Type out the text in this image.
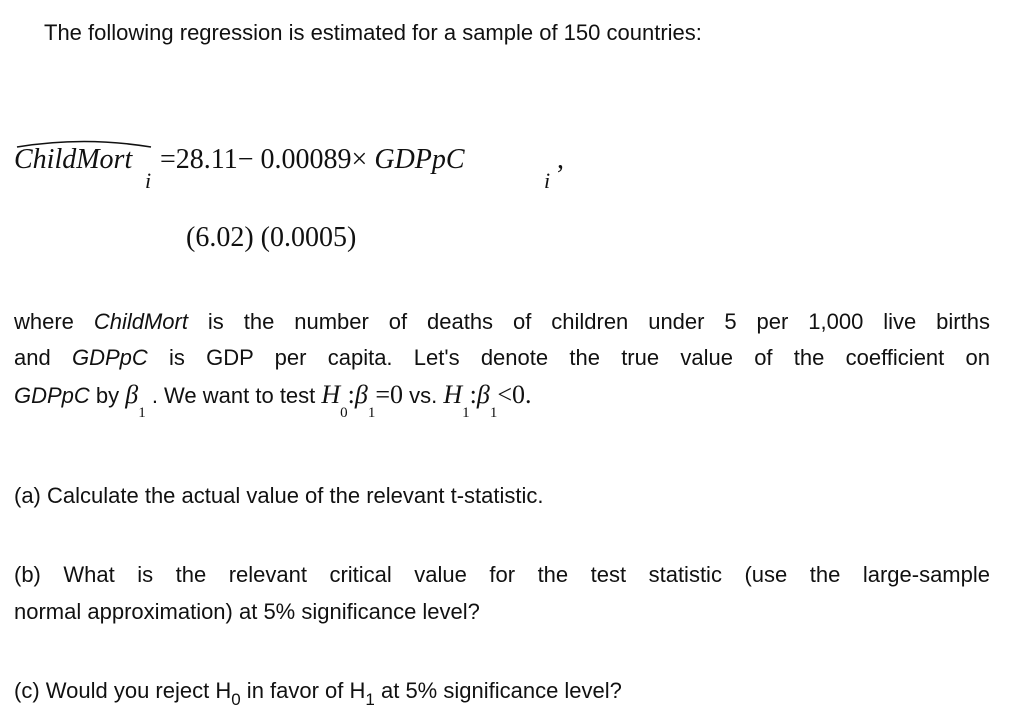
The following regression is estimated for a sample of 150 countries:
ChildMort
i
=28.11− 0.00089× GDPpC
i
,
(6.02) (0.0005)
where ChildMort is the number of deaths of children under 5 per 1,000 live births
and GDPpC is GDP per capita. Let's denote the true value of the coefficient on
GDPpC by $\beta_1$ . We want to test $H_0:\beta_1=0$ vs. $H_1:\beta_1<0$.
(a) Calculate the actual value of the relevant t-statistic.
(b) What is the relevant critical value for the test statistic (use the large-sample
normal approximation) at 5% significance level?
(c) Would you reject $H_0$ in favor of $H_1$ at 5% significance level?
